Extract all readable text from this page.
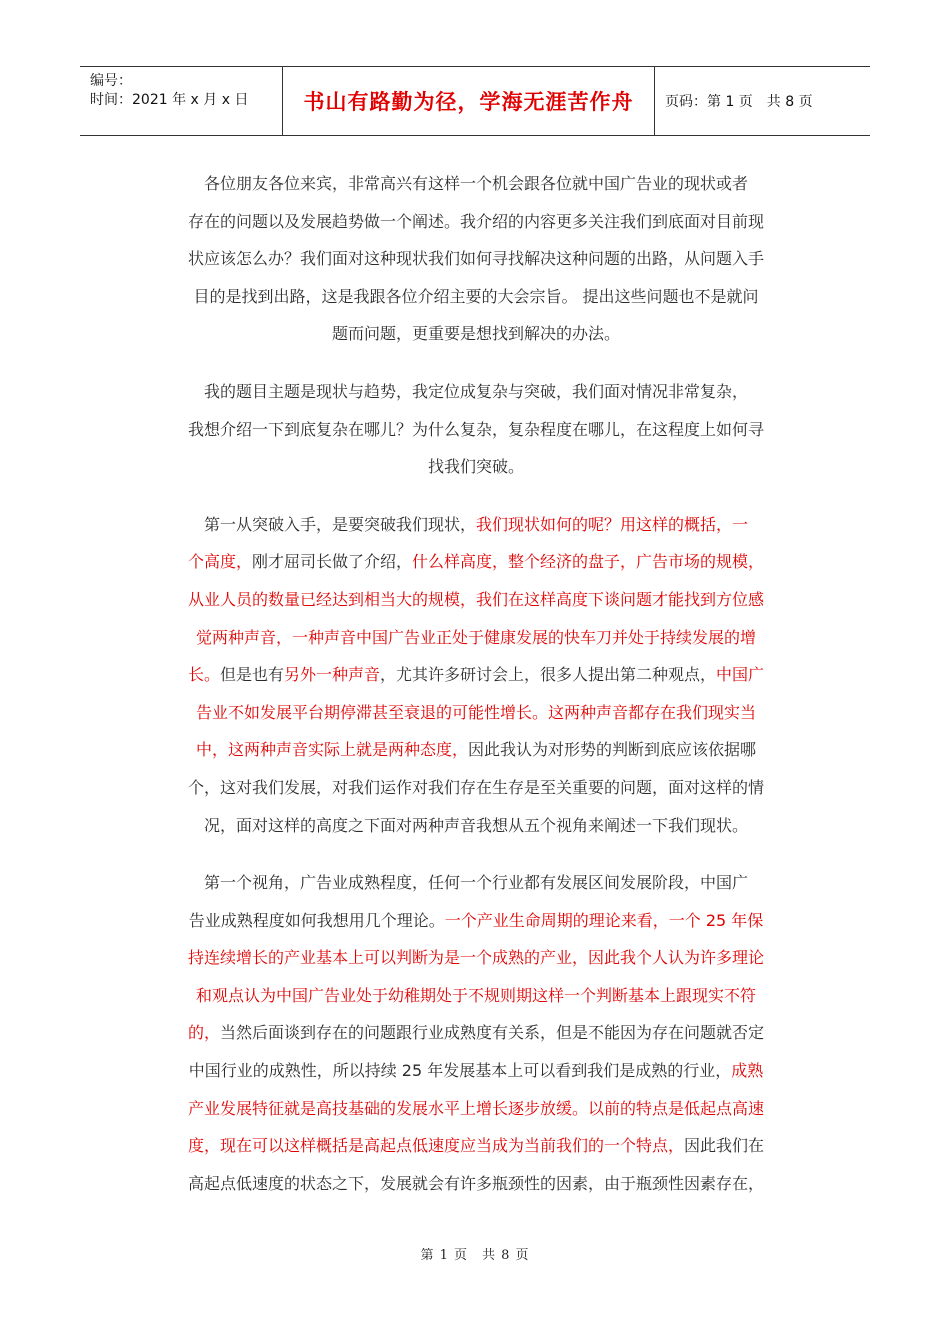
编号：
时间：2021 年 x 月 x 日	书山有路勤为径，学海无涯苦作舟	页码：第 1 页　共 8 页
各位朋友各位来宾，非常高兴有这样一个机会跟各位就中国广告业的现状或者
存在的问题以及发展趋势做一个阐述。我介绍的内容更多关注我们到底面对目前现
状应该怎么办？我们面对这种现状我们如何寻找解决这种问题的出路，从问题入手
目的是找到出路，这是我跟各位介绍主要的大会宗旨。 提出这些问题也不是就问
题而问题，更重要是想找到解决的办法。
我的题目主题是现状与趋势，我定位成复杂与突破，我们面对情况非常复杂，
我想介绍一下到底复杂在哪儿？为什么复杂，复杂程度在哪儿，在这程度上如何寻
找我们突破。
第一从突破入手，是要突破我们现状，我们现状如何的呢？用这样的概括，一
个高度，刚才屈司长做了介绍，什么样高度，整个经济的盘子，广告市场的规模，
从业人员的数量已经达到相当大的规模，我们在这样高度下谈问题才能找到方位感
觉两种声音，一种声音中国广告业正处于健康发展的快车刀并处于持续发展的增
长。但是也有另外一种声音，尤其许多研讨会上，很多人提出第二种观点，中国广
告业不如发展平台期停滞甚至衰退的可能性增长。这两种声音都存在我们现实当
中，这两种声音实际上就是两种态度，因此我认为对形势的判断到底应该依据哪
个，这对我们发展，对我们运作对我们存在生存是至关重要的问题，面对这样的情
况，面对这样的高度之下面对两种声音我想从五个视角来阐述一下我们现状。
第一个视角，广告业成熟程度，任何一个行业都有发展区间发展阶段，中国广
告业成熟程度如何我想用几个理论。一个产业生命周期的理论来看，一个 25 年保
持连续增长的产业基本上可以判断为是一个成熟的产业，因此我个人认为许多理论
和观点认为中国广告业处于幼稚期处于不规则期这样一个判断基本上跟现实不符
的，当然后面谈到存在的问题跟行业成熟度有关系，但是不能因为存在问题就否定
中国行业的成熟性，所以持续 25 年发展基本上可以看到我们是成熟的行业，成熟
产业发展特征就是高技基础的发展水平上增长逐步放缓。以前的特点是低起点高速
度，现在可以这样概括是高起点低速度应当成为当前我们的一个特点，因此我们在
高起点低速度的状态之下，发展就会有许多瓶颈性的因素，由于瓶颈性因素存在，
第 1 页　共 8 页
